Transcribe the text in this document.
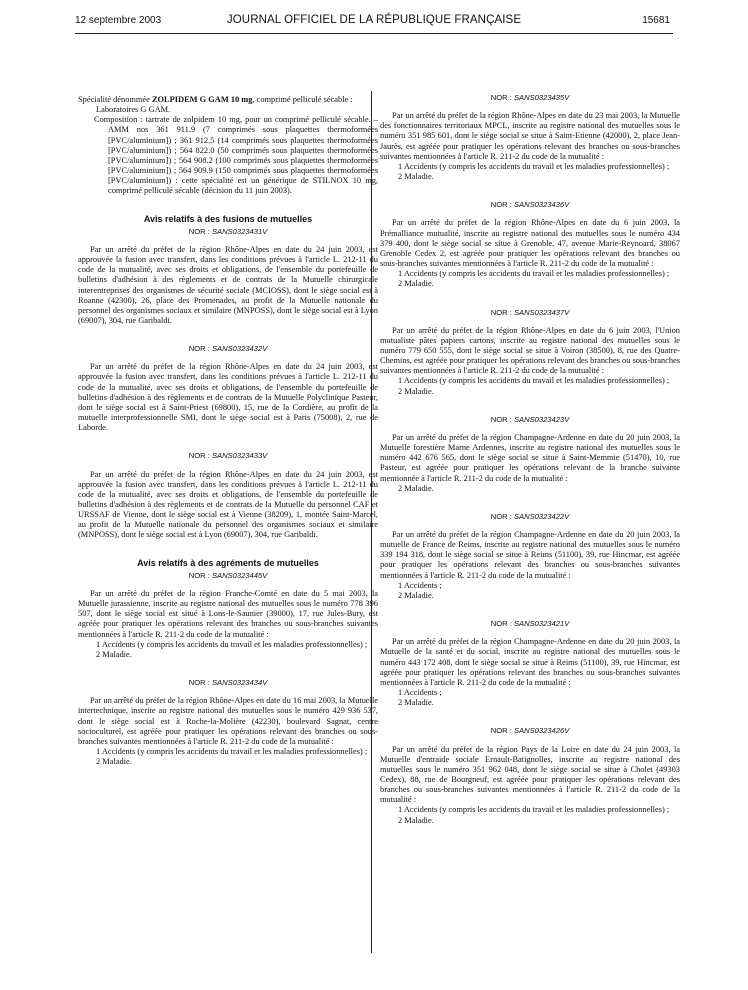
12 septembre 2003	JOURNAL OFFICIEL DE LA RÉPUBLIQUE FRANÇAISE	15681

Spécialité dénommée ZOLPIDEM G GAM 10 mg, comprimé pelliculé sécable :

Laboratoires G GAM.

Composition : tartrate de zolpidem 10 mg, pour un comprimé pelliculé sécable. – AMM nos 361 911.9 (7 comprimés sous plaquettes thermoformées [PVC/aluminium]) ; 361 912.5 (14 comprimés sous plaquettes thermoformées [PVC/aluminium]) ; 564 822.0 (50 comprimés sous plaquettes thermoformées [PVC/aluminium]) ; 564 908.2 (100 comprimés sous plaquettes thermoformées [PVC/aluminium]) ; 564 909.9 (150 comprimés sous plaquettes thermoformées [PVC/aluminium]) : cette spécialité est un générique de STILNOX 10 mg, comprimé pelliculé sécable (décision du 11 juin 2003).

Avis relatifs à des fusions de mutuelles
NOR : SANS0323431V

Par un arrêté du préfet de la région Rhône-Alpes en date du 24 juin 2003, est approuvée la fusion avec transfert, dans les conditions prévues à l'article L. 212-11 du code de la mutualité, avec ses droits et obligations, de l'ensemble du portefeuille de bulletins d'adhésion à des règlements et de contrats de la Mutuelle chirurgicale interentreprises des organismes de sécurité sociale (MCIOSS), dont le siège social est à Roanne (42300), 26, place des Promenades, au profit de la Mutuelle nationale du personnel des organismes sociaux et similaire (MNPOSS), dont le siège social est à Lyon (69007), 304, rue Garibaldi.

NOR : SANS0323432V

Par un arrêté du préfet de la région Rhône-Alpes en date du 24 juin 2003, est approuvée la fusion avec transfert, dans les conditions prévues à l'article L. 212-11 du code de la mutualité, avec ses droits et obligations, de l'ensemble du portefeuille de bulletins d'adhésion à des règlements et de contrats de la Mutuelle Polyclinique Pasteur, dont le siège social est à Saint-Priest (69800), 15, rue de la Cordière, au profit de la mutuelle interprofessionnelle SMI, dont le siège social est à Paris (75008), 2, rue de Laborde.

NOR : SANS0323433V

Par un arrêté du préfet de la région Rhône-Alpes en date du 24 juin 2003, est approuvée la fusion avec transfert, dans les conditions prévues à l'article L. 212-11 du code de la mutualité, avec ses droits et obligations, de l'ensemble du portefeuille de bulletins d'adhésion à des règlements et de contrats de la Mutuelle du personnel CAF et URSSAF de Vienne, dont le siège social est à Vienne (38209), 1, montée Saint-Marcel, au profit de la Mutuelle nationale du personnel des organismes sociaux et similaire (MNPOSS), dont le siège social est à Lyon (69007), 304, rue Garibaldi.

Avis relatifs à des agréments de mutuelles
NOR : SANS0323445V

Par un arrêté du préfet de la région Franche-Comté en date du 5 mai 2003, la Mutuelle jurassienne, inscrite au registre national des mutuelles sous le numéro 778 396 507, dont le siège social est situé à Lons-le-Saunier (39000), 17, rue Jules-Bury, est agréée pour pratiquer les opérations relevant des branches ou sous-branches suivantes mentionnées à l'article R. 211-2 du code de la mutualité :

1 Accidents (y compris les accidents du travail et les maladies professionnelles) ;

2 Maladie.

NOR : SANS0323434V

Par un arrêté du préfet de la région Rhône-Alpes en date du 16 mai 2003, la Mutuelle intertechnique, inscrite au registre national des mutuelles sous le numéro 429 936 537, dont le siège social est à Roche-la-Molière (42230), boulevard Sagnat, centre socioculturel, est agréée pour pratiquer les opérations relevant des branches ou sous-branches suivantes mentionnées à l'article R. 211-2 du code de la mutualité :

1 Accidents (y compris les accidents du travail et les maladies professionnelles) ;

2 Maladie.

NOR : SANS0323435V

Par un arrêté du préfet de la région Rhône-Alpes en date du 23 mai 2003, la Mutuelle des fonctionnaires territoriaux MPCL, inscrite au registre national des mutuelles sous le numéro 351 985 601, dont le siège social se situe à Saint-Etienne (42000), 2, place Jean-Jaurès, est agréée pour pratiquer les opérations relevant des branches ou sous-branches suivantes mentionnées à l'article R. 211-2 du code de la mutualité :

1 Accidents (y compris les accidents du travail et les maladies professionnelles) ;

2 Maladie.

NOR : SANS0323436V

Par un arrêté du préfet de la région Rhône-Alpes en date du 6 juin 2003, la Prémalliance mutualité, inscrite au registre national des mutuelles sous le numéro 434 379 400, dont le siège social se situe à Grenoble, 47, avenue Marie-Reynoard, 38067 Grenoble Cedex 2, est agréée pour pratiquer les opérations relevant des branches ou sous-branches suivantes mentionnées à l'article R. 211-2 du code de la mutualité :

1 Accidents (y compris les accidents du travail et les maladies professionnelles) ;

2 Maladie.

NOR : SANS0323437V

Par un arrêté du préfet de la région Rhône-Alpes en date du 6 juin 2003, l'Union mutualiste pâtes papiers cartons, inscrite au registre national des mutuelles sous le numéro 779 650 555, dont le siège social se situe à Voiron (38500), 8, rue des Quatre-Chemins, est agréée pour pratiquer les opérations relevant des branches ou sous-branches suivantes mentionnées à l'article R. 211-2 du code de la mutualité :

1 Accidents (y compris les accidents du travail et les maladies professionnelles) ;

2 Maladie.

NOR : SANS0323423V

Par un arrêté du préfet de la région Champagne-Ardenne en date du 20 juin 2003, la Mutuelle forestière Marne Ardennes, inscrite au registre national des mutuelles sous le numéro 442 676 565, dont le siège social se situe à Saint-Memmie (51470), 10, rue Pasteur, est agréée pour pratiquer les opérations relevant de la branche suivante mentionnée à l'article R. 211-2 du code de la mutualité :

2 Maladie.

NOR : SANS0323422V

Par un arrêté du préfet de la région Champagne-Ardenne en date du 20 juin 2003, la mutuelle de France de Reims, inscrite au registre national des mutuelles sous le numéro 339 194 318, dont le siège social se situe à Reims (51100), 39, rue Hincmar, est agréée pour pratiquer les opérations relevant des branches ou sous-branches suivantes mentionnées à l'article R. 211-2 du code de la mutualité :

1 Accidents ;

2 Maladie.

NOR : SANS0323421V

Par un arrêté du préfet de la région Champagne-Ardenne en date du 20 juin 2003, la Mutuelle de la santé et du social, inscrite au registre national des mutuelles sous le numéro 443 172 408, dont le siège social se situe à Reims (51100), 39, rue Hincmar, est agréée pour pratiquer les opérations relevant des branches ou sous-branches suivantes mentionnées à l'article R. 211-2 du code de la mutualité :

1 Accidents ;

2 Maladie.

NOR : SANS0323426V

Par un arrêté du préfet de la région Pays de la Loire en date du 24 juin 2003, la Mutuelle d'entraide sociale Ernault-Batignolles, inscrite au registre national des mutuelles sous le numéro 351 962 048, dont le siège social se situe à Cholet (49303 Cedex), 88, rue de Bourgneuf, est agréée pour pratiquer les opérations relevant des branches ou sous-branches suivantes mentionnées à l'article R. 211-2 du code de la mutualité :

1 Accidents (y compris les accidents du travail et les maladies professionnelles) ;

2 Maladie.
